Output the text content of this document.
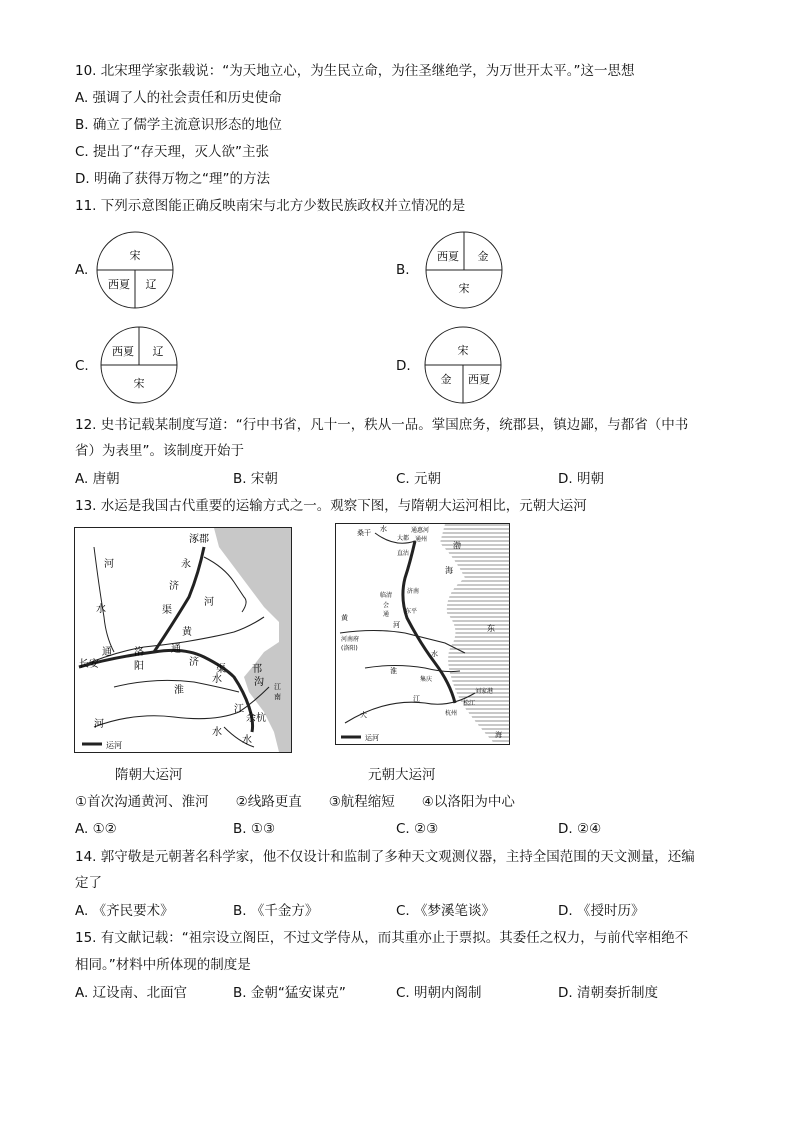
10. 北宋理学家张载说：“为天地立心，为生民立命，为往圣继绝学，为万世开太平。”这一思想
A. 强调了人的社会责任和历史使命
B. 确立了儒学主流意识形态的地位
C. 提出了“存天理，灭人欲”主张
D. 明确了获得万物之“理”的方法
11. 下列示意图能正确反映南宋与北方少数民族政权并立情况的是
A.
宋
西夏 辽
B.
西夏 金
宋
C.
西夏 辽
宋
D.
宋
金 西夏
12. 史书记载某制度写道：“行中书省，凡十一，秩从一品。掌国庶务，统郡县，镇边鄙，与都省（中书
省）为表里”。该制度开始于
A. 唐朝	B. 宋朝	C. 元朝	D. 明朝
13. 水运是我国古代重要的运输方式之一。观察下图，与隋朝大运河相比，元朝大运河
运河
涿郡
河
水
永
济
渠
河
黄
长安
通 洛
阳
通
济
渠
淮
水
邗
沟 江
南
余杭
河
江
水
水	运河
桑干 水	通惠河
大都 通州
直沽
渤
海
济南
临清
会
通	东平
河
黄
河南府
(洛阳)
东
淮
水
集庆
江
大	杭州
松江
刘家港
海
隋朝大运河	元朝大运河
①首次沟通黄河、淮河　　②线路更直　　③航程缩短　　④以洛阳为中心
A. ①②	B. ①③	C. ②③	D. ②④
14. 郭守敬是元朝著名科学家，他不仅设计和监制了多种天文观测仪器，主持全国范围的天文测量，还编
定了
A. 《齐民要术》	B. 《千金方》	C. 《梦溪笔谈》	D. 《授时历》
15. 有文献记载：“祖宗设立阁臣，不过文学侍从，而其重亦止于票拟。其委任之权力，与前代宰相绝不
相同。”材料中所体现的制度是
A. 辽设南、北面官	B. 金朝“猛安谋克”	C. 明朝内阁制	D. 清朝奏折制度
